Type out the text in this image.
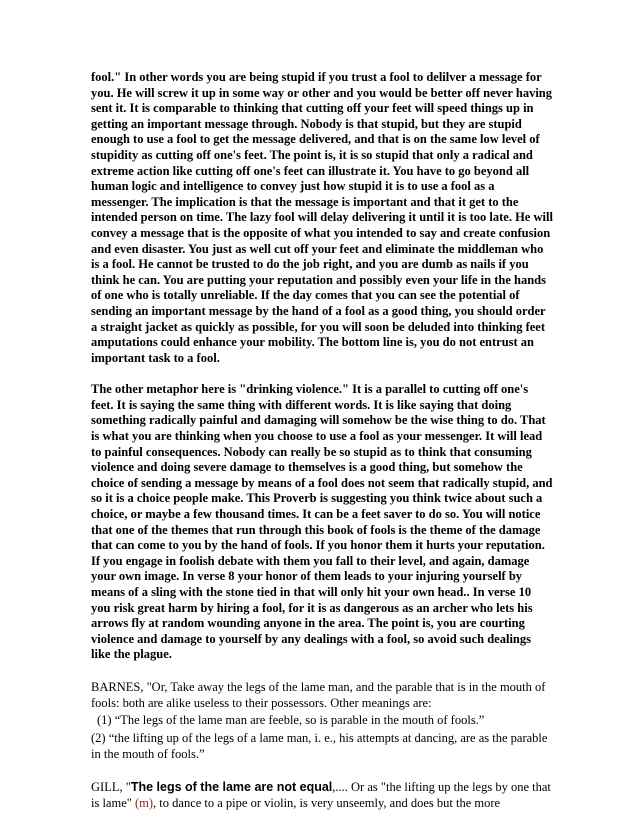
fool." In other words you are being stupid if you trust a fool to delilver a message for you. He will screw it up in some way or other and you would be better off never having sent it. It is comparable to thinking that cutting off your feet will speed things up in getting an important message through. Nobody is that stupid, but they are stupid enough to use a fool to get the message delivered, and that is on the same low level of stupidity as cutting off one's feet. The point is, it is so stupid that only a radical and extreme action like cutting off one's feet can illustrate it. You have to go beyond all human logic and intelligence to convey just how stupid it is to use a fool as a messenger. The implication is that the message is important and that it get to the intended person on time. The lazy fool will delay delivering it until it is too late. He will convey a message that is the opposite of what you intended to say and create confusion and even disaster. You just as well cut off your feet and eliminate the middleman who is a fool. He cannot be trusted to do the job right, and you are dumb as nails if you think he can. You are putting your reputation and possibly even your life in the hands of one who is totally unreliable. If the day comes that you can see the potential of sending an important message by the hand of a fool as a good thing, you should order a straight jacket as quickly as possible, for you will soon be deluded into thinking feet amputations could enhance your mobility. The bottom line is, you do not entrust an important task to a fool.

The other metaphor here is "drinking violence." It is a parallel to cutting off one's feet. It is saying the same thing with different words. It is like saying that doing something radically painful and damaging will somehow be the wise thing to do. That is what you are thinking when you choose to use a fool as your messenger. It will lead to painful consequences. Nobody can really be so stupid as to think that consuming violence and doing severe damage to themselves is a good thing, but somehow the choice of sending a message by means of a fool does not seem that radically stupid, and so it is a choice people make. This Proverb is suggesting you think twice about such a choice, or maybe a few thousand times. It can be a feet saver to do so. You will notice that one of the themes that run through this book of fools is the theme of the damage that can come to you by the hand of fools. If you honor them it hurts your reputation. If you engage in foolish debate with them you fall to their level, and again, damage your own image. In verse 8 your honor of them leads to your injuring yourself by means of a sling with the stone tied in that will only hit your own head.. In verse 10 you risk great harm by hiring a fool, for it is as dangerous as an archer who lets his arrows fly at random wounding anyone in the area. The point is, you are courting violence and damage to yourself by any dealings with a fool, so avoid such dealings like the plague.

BARNES, "Or, Take away the legs of the lame man, and the parable that is in the mouth of fools: both are alike useless to their possessors. Other meanings are:

(1) “The legs of the lame man are feeble, so is parable in the mouth of fools.”

(2) “the lifting up of the legs of a lame man, i. e., his attempts at dancing, are as the parable in the mouth of fools.”

GILL, "The legs of the lame are not equal,.... Or as "the lifting up the legs by one that is lame" (m), to dance to a pipe or violin, is very unseemly, and does but the more
